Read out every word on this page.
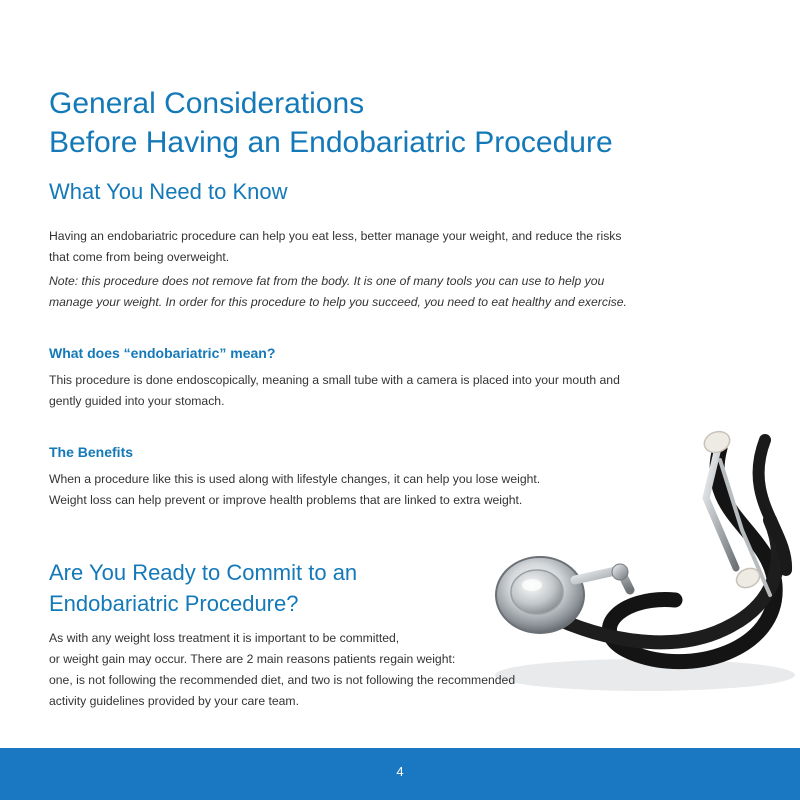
General Considerations
Before Having an Endobariatric Procedure
What You Need to Know

Having an endobariatric procedure can help you eat less, better manage your weight, and reduce the risks
that come from being overweight.

Note: this procedure does not remove fat from the body. It is one of many tools you can use to help you
manage your weight. In order for this procedure to help you succeed, you need to eat healthy and exercise.

What does “endobariatric” mean?

This procedure is done endoscopically, meaning a small tube with a camera is placed into your mouth and
gently guided into your stomach.

The Benefits

When a procedure like this is used along with lifestyle changes, it can help you lose weight.
Weight loss can help prevent or improve health problems that are linked to extra weight.

Are You Ready to Commit to an
Endobariatric Procedure?

As with any weight loss treatment it is important to be committed,
or weight gain may occur. There are 2 main reasons patients regain weight:
one, is not following the recommended diet, and two is not following the recommended
activity guidelines provided by your care team.

4
